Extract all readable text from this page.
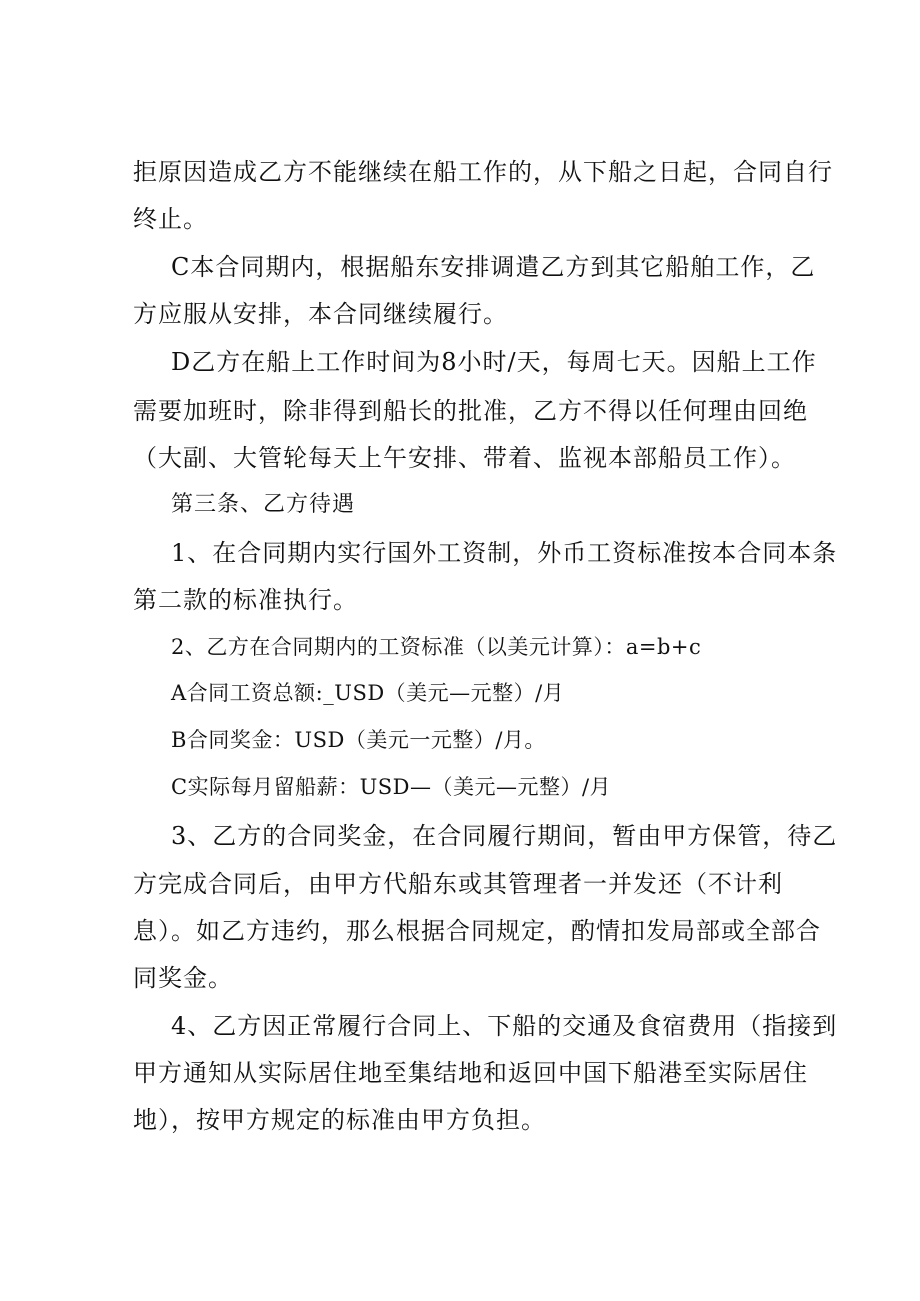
拒原因造成乙方不能继续在船工作的，从下船之日起，合同自行
终止。
C本合同期内，根据船东安排调遣乙方到其它船舶工作，乙
方应服从安排，本合同继续履行。
D乙方在船上工作时间为8小时/天，每周七天。因船上工作
需要加班时，除非得到船长的批准，乙方不得以任何理由回绝
（大副、大管轮每天上午安排、带着、监视本部船员工作）。
第三条、乙方待遇
1、在合同期内实行国外工资制，外币工资标准按本合同本条
第二款的标准执行。
2、乙方在合同期内的工资标准（以美元计算）：a=b+c
A合同工资总额:_USD（美元—元整）/月
B合同奖金：USD（美元一元整）/月。
C实际每月留船薪：USD—（美元—元整）/月
3、乙方的合同奖金，在合同履行期间，暂由甲方保管，待乙
方完成合同后，由甲方代船东或其管理者一并发还（不计利
息）。如乙方违约，那么根据合同规定，酌情扣发局部或全部合
同奖金。
4、乙方因正常履行合同上、下船的交通及食宿费用（指接到
甲方通知从实际居住地至集结地和返回中国下船港至实际居住
地），按甲方规定的标准由甲方负担。
